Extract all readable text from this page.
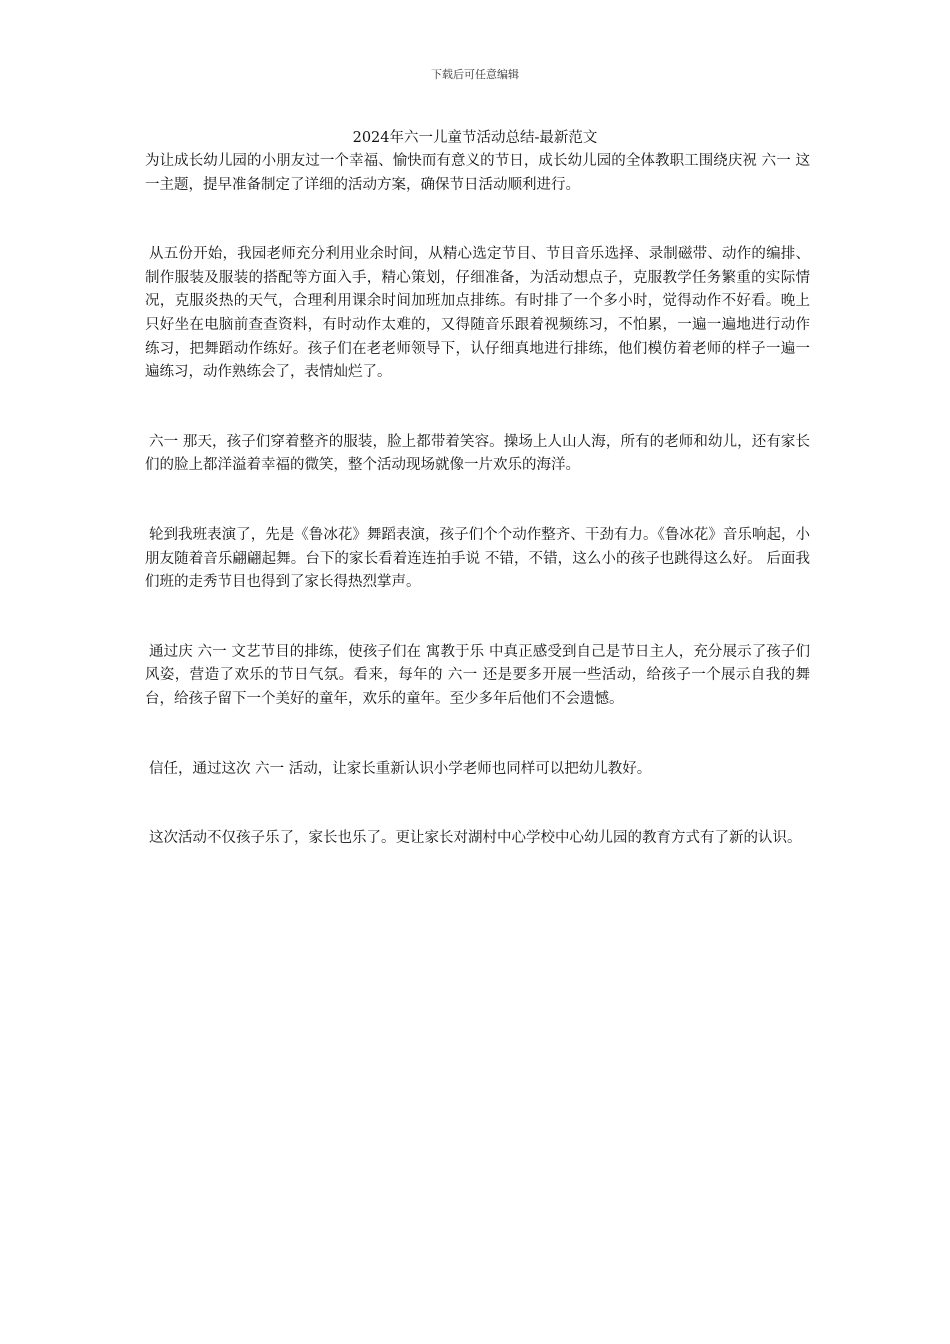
下载后可任意编辑
2024年六一儿童节活动总结-最新范文

为让成长幼儿园的小朋友过一个幸福、愉快而有意义的节日，成长幼儿园的全体教职工围绕庆祝 六一 这一主题，提早准备制定了详细的活动方案，确保节日活动顺利进行。

从五份开始，我园老师充分利用业余时间，从精心选定节目、节目音乐选择、录制磁带、动作的编排、制作服装及服装的搭配等方面入手，精心策划，仔细准备，为活动想点子，克服教学任务繁重的实际情况，克服炎热的天气，合理利用课余时间加班加点排练。有时排了一个多小时，觉得动作不好看。晚上只好坐在电脑前查查资料，有时动作太难的，又得随音乐跟着视频练习，不怕累，一遍一遍地进行动作练习，把舞蹈动作练好。孩子们在老老师领导下，认仔细真地进行排练，他们模仿着老师的样子一遍一遍练习，动作熟练会了，表情灿烂了。

六一 那天，孩子们穿着整齐的服装，脸上都带着笑容。操场上人山人海，所有的老师和幼儿，还有家长们的脸上都洋溢着幸福的微笑，整个活动现场就像一片欢乐的海洋。

轮到我班表演了，先是《鲁冰花》舞蹈表演，孩子们个个动作整齐、干劲有力。《鲁冰花》音乐响起，小朋友随着音乐翩翩起舞。台下的家长看着连连拍手说 不错，不错，这么小的孩子也跳得这么好。 后面我们班的走秀节目也得到了家长得热烈掌声。

通过庆 六一 文艺节目的排练，使孩子们在 寓教于乐 中真正感受到自己是节日主人，充分展示了孩子们风姿，营造了欢乐的节日气氛。看来，每年的 六一 还是要多开展一些活动，给孩子一个展示自我的舞台，给孩子留下一个美好的童年，欢乐的童年。至少多年后他们不会遗憾。

信任，通过这次 六一 活动，让家长重新认识小学老师也同样可以把幼儿教好。

这次活动不仅孩子乐了，家长也乐了。更让家长对湖村中心学校中心幼儿园的教育方式有了新的认识。
